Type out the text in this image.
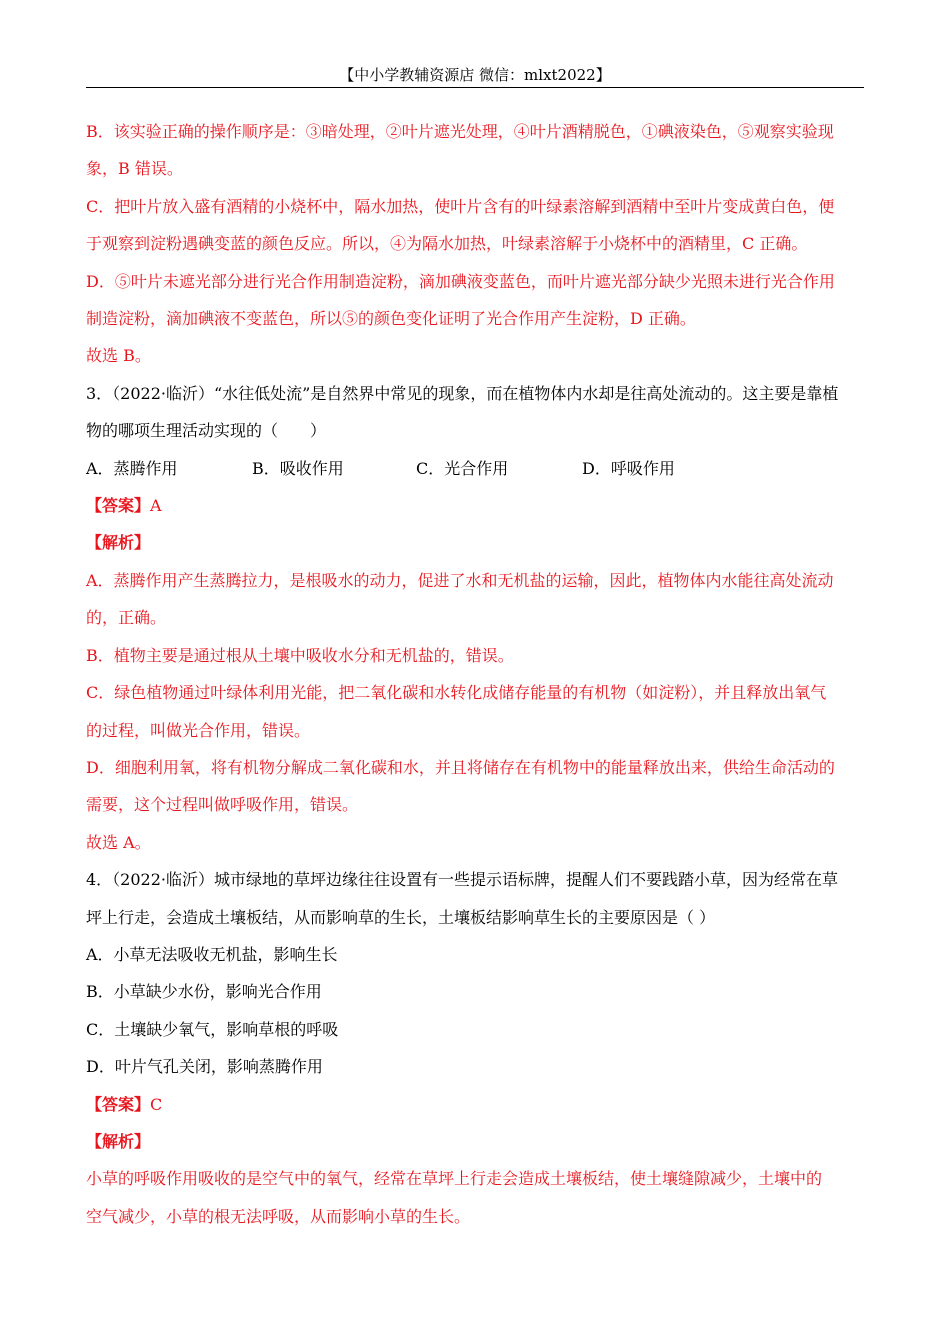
【中小学教辅资源店 微信：mlxt2022】
B．该实验正确的操作顺序是：③暗处理，②叶片遮光处理，④叶片酒精脱色，①碘液染色，⑤观察实验现
象，B 错误。
C．把叶片放入盛有酒精的小烧杯中，隔水加热，使叶片含有的叶绿素溶解到酒精中至叶片变成黄白色，便
于观察到淀粉遇碘变蓝的颜色反应。所以，④为隔水加热，叶绿素溶解于小烧杯中的酒精里，C 正确。
D．⑤叶片未遮光部分进行光合作用制造淀粉，滴加碘液变蓝色，而叶片遮光部分缺少光照未进行光合作用
制造淀粉，滴加碘液不变蓝色，所以⑤的颜色变化证明了光合作用产生淀粉，D 正确。
故选 B。
3．（2022·临沂）“水往低处流”是自然界中常见的现象，而在植物体内水却是往高处流动的。这主要是靠植
物的哪项生理活动实现的（　　）
A．蒸腾作用	B．吸收作用	C．光合作用	D．呼吸作用
【答案】A
【解析】
A．蒸腾作用产生蒸腾拉力，是根吸水的动力，促进了水和无机盐的运输，因此，植物体内水能往高处流动
的，正确。
B．植物主要是通过根从土壤中吸收水分和无机盐的，错误。
C．绿色植物通过叶绿体利用光能，把二氧化碳和水转化成储存能量的有机物（如淀粉），并且释放出氧气
的过程，叫做光合作用，错误。
D．细胞利用氧，将有机物分解成二氧化碳和水，并且将储存在有机物中的能量释放出来，供给生命活动的
需要，这个过程叫做呼吸作用，错误。
故选 A。
4．（2022·临沂）城市绿地的草坪边缘往往设置有一些提示语标牌，提醒人们不要践踏小草，因为经常在草
坪上行走，会造成土壤板结，从而影响草的生长，土壤板结影响草生长的主要原因是（ ）
A．小草无法吸收无机盐，影响生长
B．小草缺少水份，影响光合作用
C．土壤缺少氧气，影响草根的呼吸
D．叶片气孔关闭，影响蒸腾作用
【答案】C
【解析】
小草的呼吸作用吸收的是空气中的氧气，经常在草坪上行走会造成土壤板结，使土壤缝隙减少，土壤中的
空气减少，小草的根无法呼吸，从而影响小草的生长。
